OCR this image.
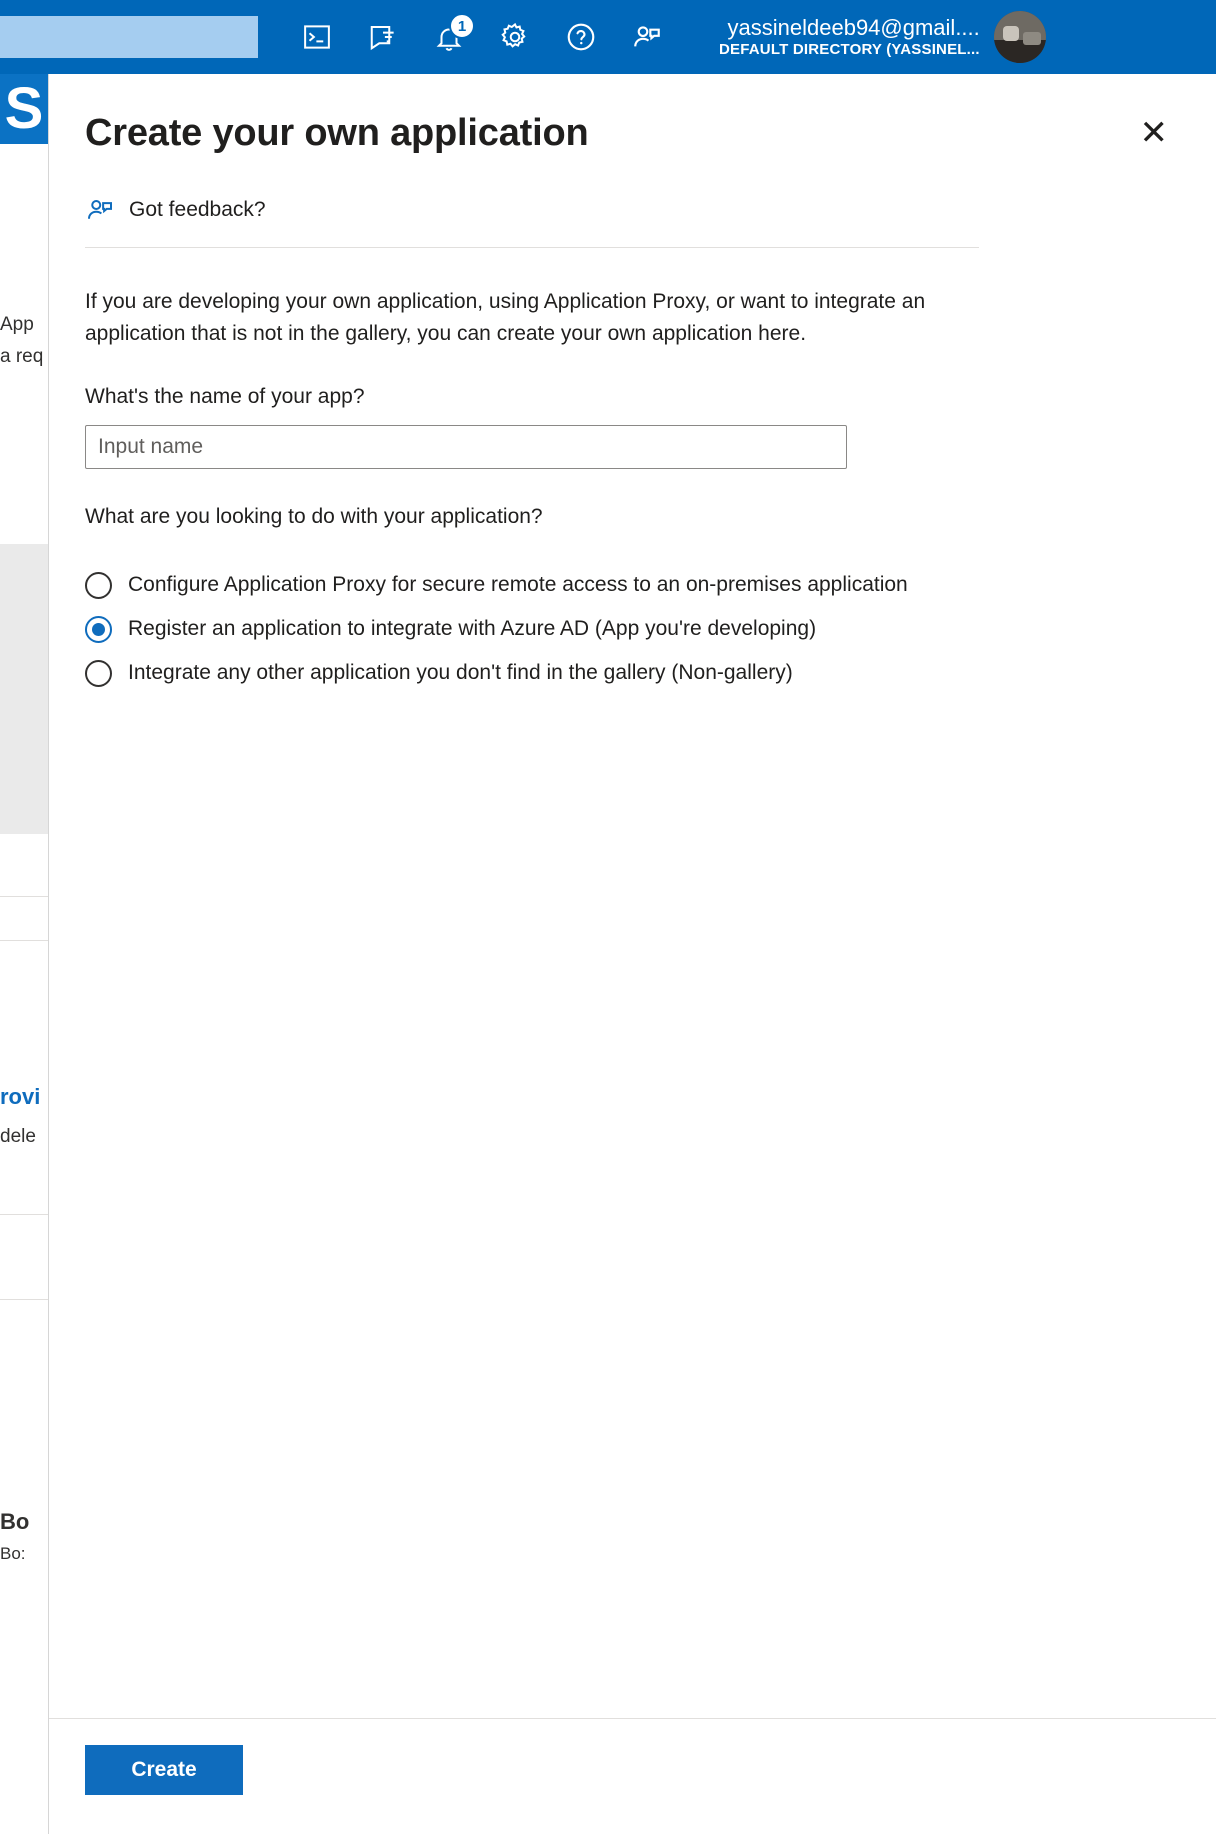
1	yassineldeeb94@gmail....
DEFAULT DIRECTORY (YASSINEL...
S
App
a req
rovi
dele
Bo
Bo:
Create your own application	✕
Got feedback?
If you are developing your own application, using Application Proxy, or want to integrate an application that is not in the gallery, you can create your own application here.
What's the name of your app?
Input name
What are you looking to do with your application?
Configure Application Proxy for secure remote access to an on-premises application
Register an application to integrate with Azure AD (App you're developing)
Integrate any other application you don't find in the gallery (Non-gallery)
Create
